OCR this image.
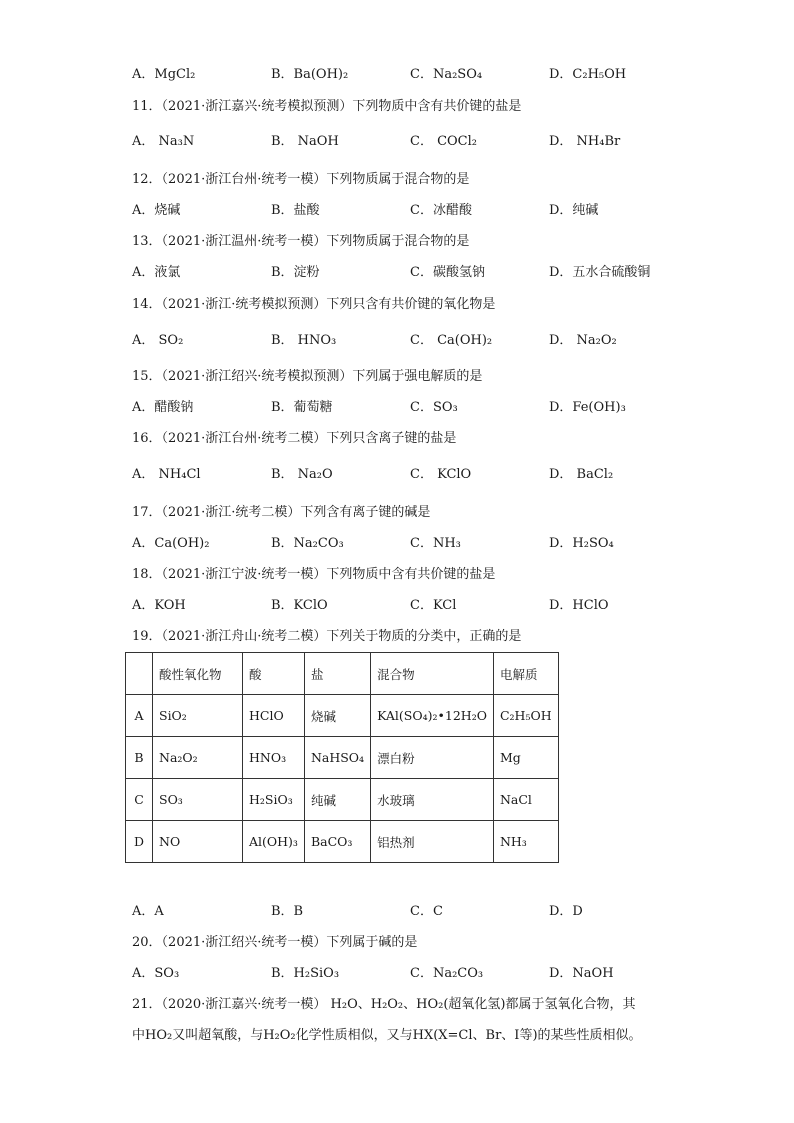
A．MgCl₂	B．Ba(OH)₂	C．Na₂SO₄	D．C₂H₅OH
11．（2021·浙江嘉兴·统考模拟预测）下列物质中含有共价键的盐是
A． Na₃N	B． NaOH	C． COCl₂	D． NH₄Br
12．（2021·浙江台州·统考一模）下列物质属于混合物的是
A．烧碱	B．盐酸	C．冰醋酸	D．纯碱
13．（2021·浙江温州·统考一模）下列物质属于混合物的是
A．液氯	B．淀粉	C．碳酸氢钠	D．五水合硫酸铜
14．（2021·浙江·统考模拟预测）下列只含有共价键的氧化物是
A． SO₂	B． HNO₃	C． Ca(OH)₂	D． Na₂O₂
15．（2021·浙江绍兴·统考模拟预测）下列属于强电解质的是
A．醋酸钠	B．葡萄糖	C．SO₃	D．Fe(OH)₃
16．（2021·浙江台州·统考二模）下列只含离子键的盐是
A． NH₄Cl	B． Na₂O	C． KClO	D． BaCl₂
17．（2021·浙江·统考二模）下列含有离子键的碱是
A．Ca(OH)₂	B．Na₂CO₃	C．NH₃	D．H₂SO₄
18．（2021·浙江宁波·统考一模）下列物质中含有共价键的盐是
A．KOH	B．KClO	C．KCl	D．HClO
19．（2021·浙江舟山·统考二模）下列关于物质的分类中，正确的是
	酸性氧化物	酸	盐	混合物	电解质
A	SiO₂	HClO	烧碱	KAl(SO₄)₂•12H₂O	C₂H₅OH
B	Na₂O₂	HNO₃	NaHSO₄	漂白粉	Mg
C	SO₃	H₂SiO₃	纯碱	水玻璃	NaCl
D	NO	Al(OH)₃	BaCO₃	铝热剂	NH₃
A．A	B．B	C．C	D．D
20．（2021·浙江绍兴·统考一模）下列属于碱的是
A．SO₃	B．H₂SiO₃	C．Na₂CO₃	D．NaOH
21．（2020·浙江嘉兴·统考一模） H₂O、H₂O₂、HO₂(超氧化氢)都属于氢氧化合物，其
中HO₂又叫超氧酸，与H₂O₂化学性质相似，又与HX(X=Cl、Br、I等)的某些性质相似。
